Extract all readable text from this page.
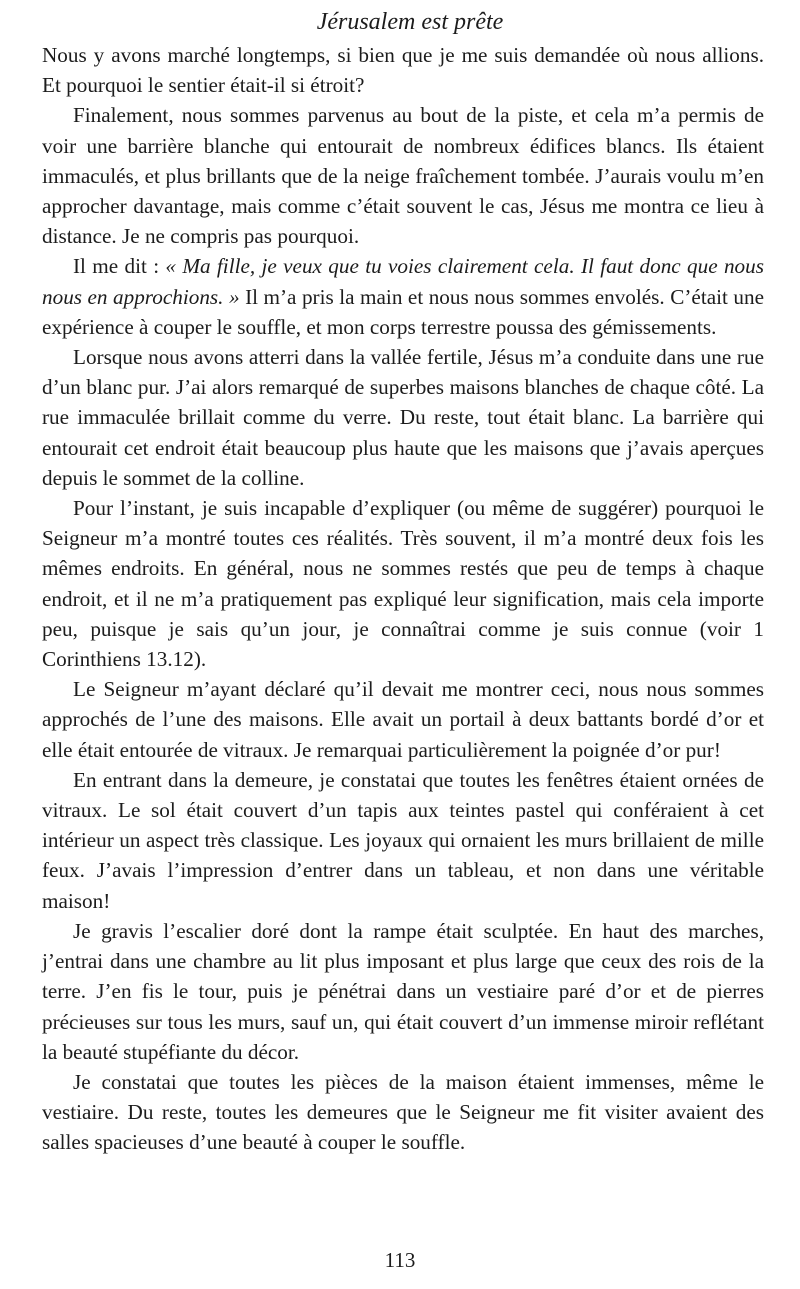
Jérusalem est prête

Nous y avons marché longtemps, si bien que je me suis demandée où nous allions. Et pourquoi le sentier était-il si étroit?

Finalement, nous sommes parvenus au bout de la piste, et cela m’a permis de voir une barrière blanche qui entourait de nombreux édifices blancs. Ils étaient immaculés, et plus brillants que de la neige fraîchement tombée. J’aurais voulu m’en approcher davantage, mais comme c’était souvent le cas, Jésus me montra ce lieu à distance. Je ne compris pas pourquoi.

Il me dit : « Ma fille, je veux que tu voies clairement cela. Il faut donc que nous nous en approchions. » Il m’a pris la main et nous nous sommes envolés. C’était une expérience à couper le souffle, et mon corps terrestre poussa des gémissements.

Lorsque nous avons atterri dans la vallée fertile, Jésus m’a conduite dans une rue d’un blanc pur. J’ai alors remarqué de superbes maisons blanches de chaque côté. La rue immaculée brillait comme du verre. Du reste, tout était blanc. La barrière qui entourait cet endroit était beaucoup plus haute que les maisons que j’avais aperçues depuis le sommet de la colline.

Pour l’instant, je suis incapable d’expliquer (ou même de suggérer) pourquoi le Seigneur m’a montré toutes ces réalités. Très souvent, il m’a montré deux fois les mêmes endroits. En général, nous ne sommes restés que peu de temps à chaque endroit, et il ne m’a pratiquement pas expliqué leur signification, mais cela importe peu, puisque je sais qu’un jour, je connaîtrai comme je suis connue (voir 1 Corinthiens 13.12).

Le Seigneur m’ayant déclaré qu’il devait me montrer ceci, nous nous sommes approchés de l’une des maisons. Elle avait un portail à deux battants bordé d’or et elle était entourée de vitraux. Je remarquai particulièrement la poignée d’or pur!

En entrant dans la demeure, je constatai que toutes les fenêtres étaient ornées de vitraux. Le sol était couvert d’un tapis aux teintes pastel qui conféraient à cet intérieur un aspect très classique. Les joyaux qui ornaient les murs brillaient de mille feux. J’avais l’impression d’entrer dans un tableau, et non dans une véritable maison!

Je gravis l’escalier doré dont la rampe était sculptée. En haut des marches, j’entrai dans une chambre au lit plus imposant et plus large que ceux des rois de la terre. J’en fis le tour, puis je pénétrai dans un vestiaire paré d’or et de pierres précieuses sur tous les murs, sauf un, qui était couvert d’un immense miroir reflétant la beauté stupéfiante du décor.

Je constatai que toutes les pièces de la maison étaient immenses, même le vestiaire. Du reste, toutes les demeures que le Seigneur me fit visiter avaient des salles spacieuses d’une beauté à couper le souffle.

113
